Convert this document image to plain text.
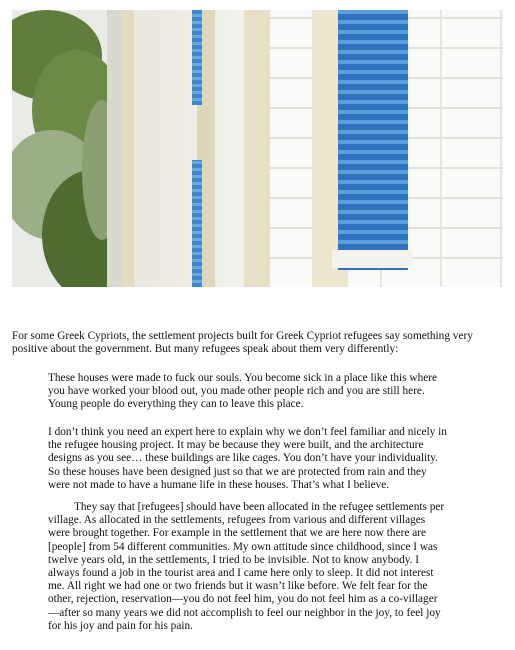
For some Greek Cypriots, the settlement projects built for Greek Cypriot refugees say something very positive about the government. But many refugees speak about them very differently:

These houses were made to fuck our souls. You become sick in a place like this where you have worked your blood out, you made other people rich and you are still here. Young people do everything they can to leave this place.

I don’t think you need an expert here to explain why we don’t feel familiar and nicely in the refugee housing project. It may be because they were built, and the architecture designs as you see… these buildings are like cages. You don’t have your individuality. So these houses have been designed just so that we are protected from rain and they were not made to have a humane life in these houses. That’s what I believe.

They say that [refugees] should have been allocated in the refugee settlements per village. As allocated in the settlements, refugees from various and different villages were brought together. For example in the settlement that we are here now there are [people] from 54 different communities. My own attitude since childhood, since I was twelve years old, in the settlements, I tried to be invisible. Not to know anybody. I always found a job in the tourist area and I came here only to sleep. It did not interest me. All right we had one or two friends but it wasn’t like before. We felt fear for the other, rejection, reservation—you do not feel him, you do not feel him as a co-villager—after so many years we did not accomplish to feel our neighbor in the joy, to feel joy for his joy and pain for his pain.
